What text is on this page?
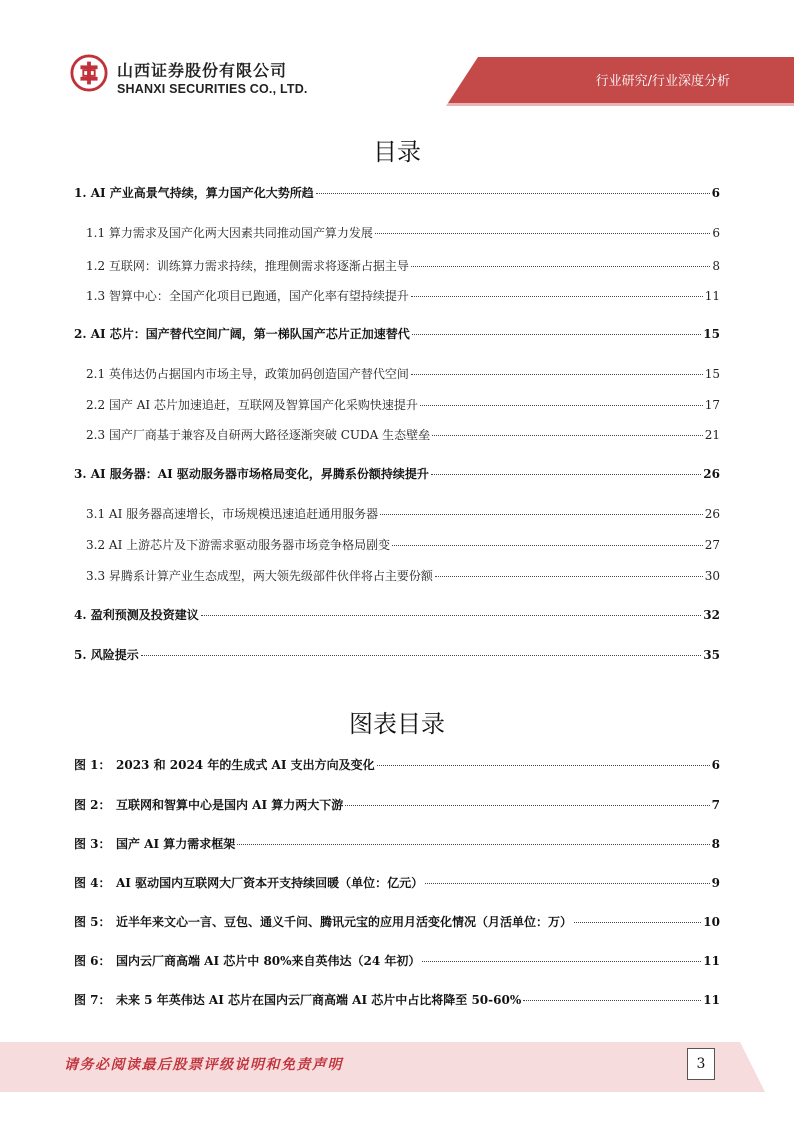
山西证券股份有限公司
SHANXI SECURITIES CO., LTD.	行业研究/行业深度分析
目录
1. AI 产业高景气持续，算力国产化大势所趋	6
1.1 算力需求及国产化两大因素共同推动国产算力发展	6
1.2 互联网：训练算力需求持续，推理侧需求将逐渐占据主导	8
1.3 智算中心：全国产化项目已跑通，国产化率有望持续提升	11
2. AI 芯片：国产替代空间广阔，第一梯队国产芯片正加速替代	15
2.1 英伟达仍占据国内市场主导，政策加码创造国产替代空间	15
2.2 国产 AI 芯片加速追赶，互联网及智算国产化采购快速提升	17
2.3 国产厂商基于兼容及自研两大路径逐渐突破 CUDA 生态壁垒	21
3. AI 服务器：AI 驱动服务器市场格局变化，昇腾系份额持续提升	26
3.1 AI 服务器高速增长，市场规模迅速追赶通用服务器	26
3.2 AI 上游芯片及下游需求驱动服务器市场竞争格局剧变	27
3.3 昇腾系计算产业生态成型，两大领先级部件伙伴将占主要份额	30
4. 盈利预测及投资建议	32
5. 风险提示	35
图表目录
图 1： 2023 和 2024 年的生成式 AI 支出方向及变化	6
图 2： 互联网和智算中心是国内 AI 算力两大下游	7
图 3： 国产 AI 算力需求框架	8
图 4： AI 驱动国内互联网大厂资本开支持续回暖（单位：亿元）	9
图 5： 近半年来文心一言、豆包、通义千问、腾讯元宝的应用月活变化情况（月活单位：万）	10
图 6： 国内云厂商高端 AI 芯片中 80%来自英伟达（24 年初）	11
图 7： 未来 5 年英伟达 AI 芯片在国内云厂商高端 AI 芯片中占比将降至 50-60%	11
请务必阅读最后股票评级说明和免责声明	3
